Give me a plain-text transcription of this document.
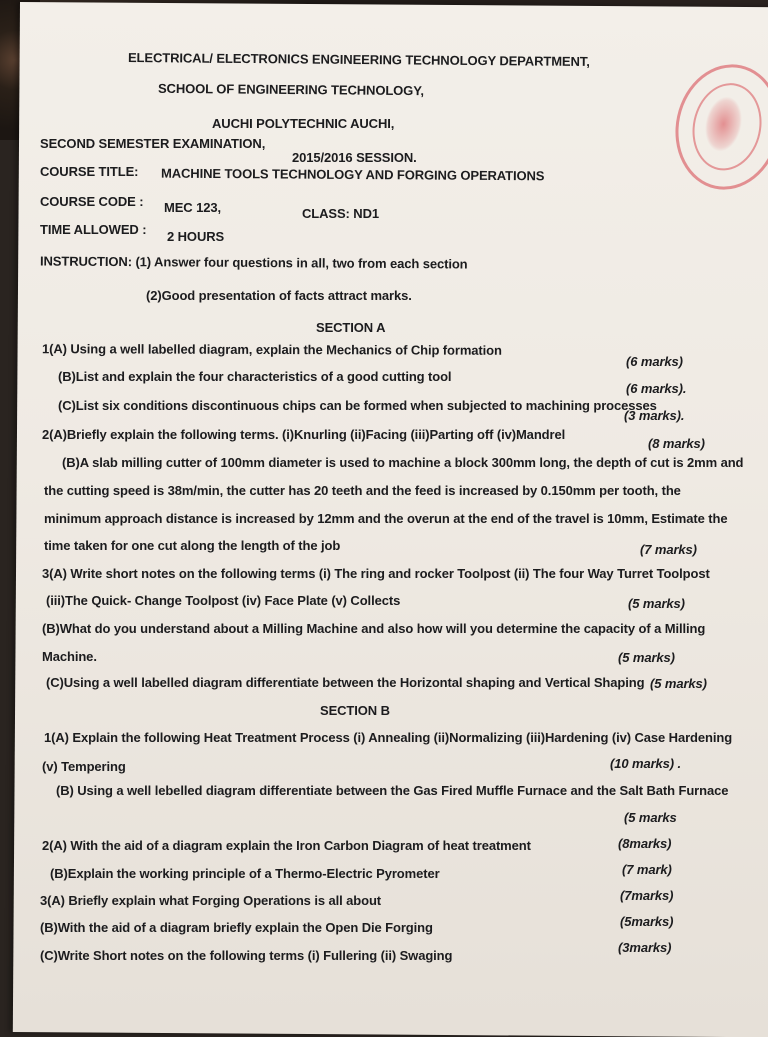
ELECTRICAL/ ELECTRONICS ENGINEERING TECHNOLOGY DEPARTMENT,
SCHOOL OF ENGINEERING TECHNOLOGY,
AUCHI POLYTECHNIC AUCHI,
SECOND SEMESTER EXAMINATION,
2015/2016 SESSION.
COURSE TITLE: MACHINE TOOLS TECHNOLOGY AND FORGING OPERATIONS
COURSE CODE : MEC 123,	CLASS: ND1
TIME ALLOWED : 2 HOURS
INSTRUCTION: (1) Answer four questions in all, two from each section
(2)Good presentation of facts attract marks.
SECTION A
1(A) Using a well labelled diagram, explain the Mechanics of Chip formation
(6 marks)
(B)List and explain the four characteristics of a good cutting tool
(6 marks).
(C)List six conditions discontinuous chips can be formed when subjected to machining processes
(3 marks).
2(A)Briefly explain the following terms. (i)Knurling (ii)Facing (iii)Parting off (iv)Mandrel
(8 marks)
(B)A slab milling cutter of 100mm diameter is used to machine a block 300mm long, the depth of cut is 2mm and
the cutting speed is 38m/min, the cutter has 20 teeth and the feed is increased by 0.150mm per tooth, the
minimum approach distance is increased by 12mm and the overun at the end of the travel is 10mm, Estimate the
time taken for one cut along the length of the job	(7 marks)
3(A) Write short notes on the following terms (i) The ring and rocker Toolpost (ii) The four Way Turret Toolpost
(iii)The Quick- Change Toolpost (iv) Face Plate (v) Collects	(5 marks)
(B)What do you understand about a Milling Machine and also how will you determine the capacity of a Milling
Machine.	(5 marks)
(C)Using a well labelled diagram differentiate between the Horizontal shaping and Vertical Shaping (5 marks)
SECTION B
1(A) Explain the following Heat Treatment Process (i) Annealing (ii)Normalizing (iii)Hardening (iv) Case Hardening
(v) Tempering	(10 marks) .
(B) Using a well lebelled diagram differentiate between the Gas Fired Muffle Furnace and the Salt Bath Furnace
(5 marks
2(A) With the aid of a diagram explain the Iron Carbon Diagram of heat treatment	(8marks)
(B)Explain the working principle of a Thermo-Electric Pyrometer	(7 mark)
3(A) Briefly explain what Forging Operations is all about	(7marks)
(B)With the aid of a diagram briefly explain the Open Die Forging	(5marks)
(C)Write Short notes on the following terms (i) Fullering (ii) Swaging
(3marks)
